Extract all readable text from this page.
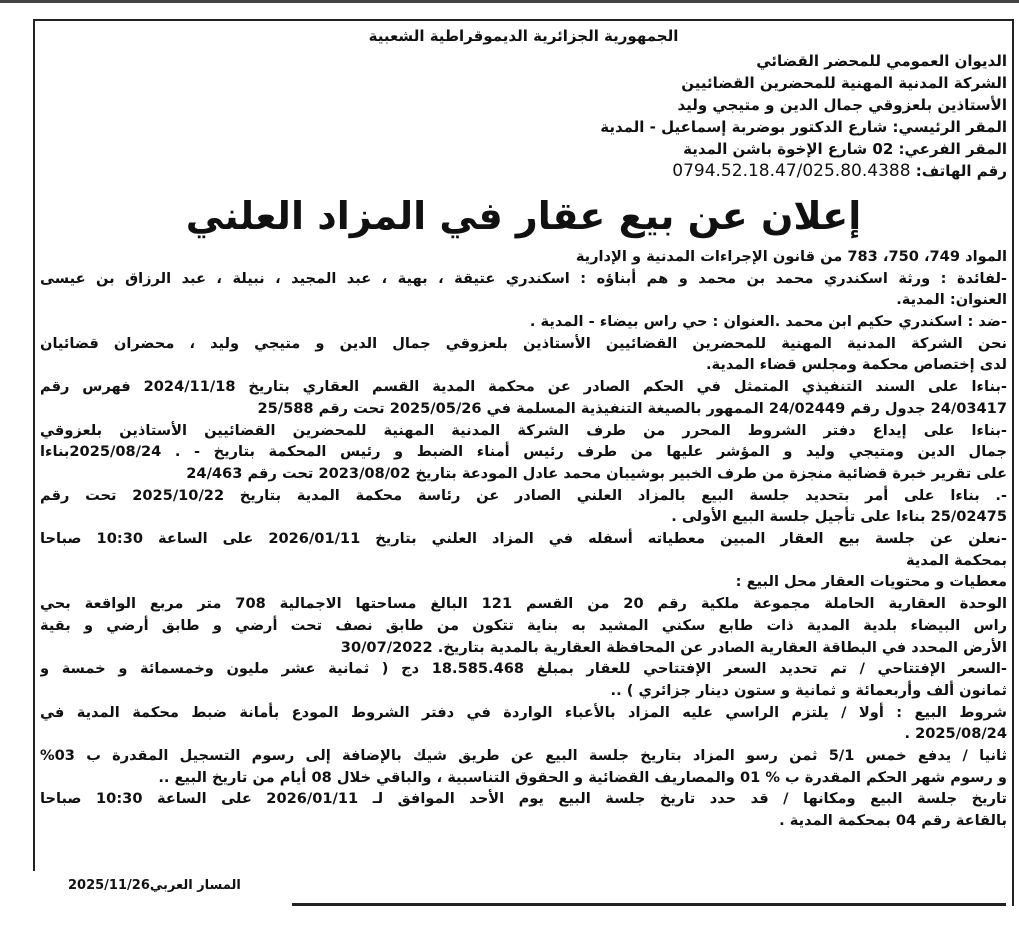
الجمهورية الجزائرية الديموقراطية الشعبية
الديوان العمومي للمحضر القضائي
الشركة المدنية المهنية للمحضرين القضائيين
الأستاذين بلعزوقي جمال الدين و متيجي وليد
المقر الرئيسي: شارع الدكتور بوضربة إسماعيل - المدية
المقر الفرعي: 02 شارع الإخوة باشن المدية
رقم الهاتف: 0794.52.18.47/025.80.4388
إعلان عن بيع عقار في المزاد العلني
المواد 749، 750، 783 من قانون الإجراءات المدنية و الإدارية
-لفائدة : ورثة اسكندري محمد بن محمد و هم أبناؤه : اسكندري عتيقة ، بهية ، عبد المجيد ، نبيلة ، عبد الرزاق بن عيسى
العنوان: المدية.
-ضد : اسكندري حكيم ابن محمد .العنوان : حي راس بيضاء - المدية .
نحن الشركة المدنية المهنية للمحضرين القضائيين الأستاذين بلعزوقي جمال الدين و متيجي وليد ، محضران قضائيان
لدى إختصاص محكمة ومجلس قضاء المدية.
-بناءا على السند التنفيذي المتمثل في الحكم الصادر عن محكمة المدية القسم العقاري بتاريخ 2024/11/18 فهرس رقم
24/03417 جدول رقم 24/02449 الممهور بالصيغة التنفيذية المسلمة في 2025/05/26 تحت رقم 25/588
-بناءا على إيداع دفتر الشروط المحرر من طرف الشركة المدنية المهنية للمحضرين القضائيين الأستاذين بلعزوقي
جمال الدين ومتيجي وليد و المؤشر عليها من طرف رئيس أمناء الضبط و رئيس المحكمة بتاريخ - . 2025/08/24بناءا
على تقرير خبرة قضائية منجزة من طرف الخبير بوشيبان محمد عادل المودعة بتاريخ 2023/08/02 تحت رقم 24/463
-. بناءا على أمر بتحديد جلسة البيع بالمزاد العلني الصادر عن رئاسة محكمة المدية بتاريخ 2025/10/22 تحت رقم
25/02475 بناءا على تأجيل جلسة البيع الأولى .
-نعلن عن جلسة بيع العقار المبين معطياته أسفله في المزاد العلني بتاريخ 2026/01/11 على الساعة 10:30 صباحا
بمحكمة المدية
معطيات و محتويات العقار محل البيع :
الوحدة العقارية الحاملة مجموعة ملكية رقم 20 من القسم 121 البالغ مساحتها الاجمالية 708 متر مربع الواقعة بحي
راس البيضاء بلدية المدية ذات طابع سكني المشيد به بناية تتكون من طابق نصف تحت أرضي و طابق أرضي و بقية
الأرض المحدد في البطاقة العقارية الصادر عن المحافظة العقارية بالمدية بتاريخ. 30/07/2022
-السعر الإفتتاحي / تم تحديد السعر الإفتتاحي للعقار بمبلغ 18.585.468 دج ( ثمانية عشر مليون وخمسمائة و خمسة و
ثمانون ألف وأربعمائة و ثمانية و ستون دينار جزائري ) ..
شروط البيع : أولا / يلتزم الراسي عليه المزاد بالأعباء الواردة في دفتر الشروط المودع بأمانة ضبط محكمة المدية في
2025/08/24 .
ثانيا / يدفع خمس 5/1 ثمن رسو المزاد بتاريخ جلسة البيع عن طريق شيك بالإضافة إلى رسوم التسجيل المقدرة ب 03%
و رسوم شهر الحكم المقدرة ب % 01 والمصاريف القضائية و الحقوق التناسبية ، والباقي خلال 08 أيام من تاريخ البيع ..
تاريخ جلسة البيع ومكانها / قد حدد تاريخ جلسة البيع يوم الأحد الموافق لـ 2026/01/11 على الساعة 10:30 صباحا
بالقاعة رقم 04 بمحكمة المدية .
المسار العربي2025/11/26
